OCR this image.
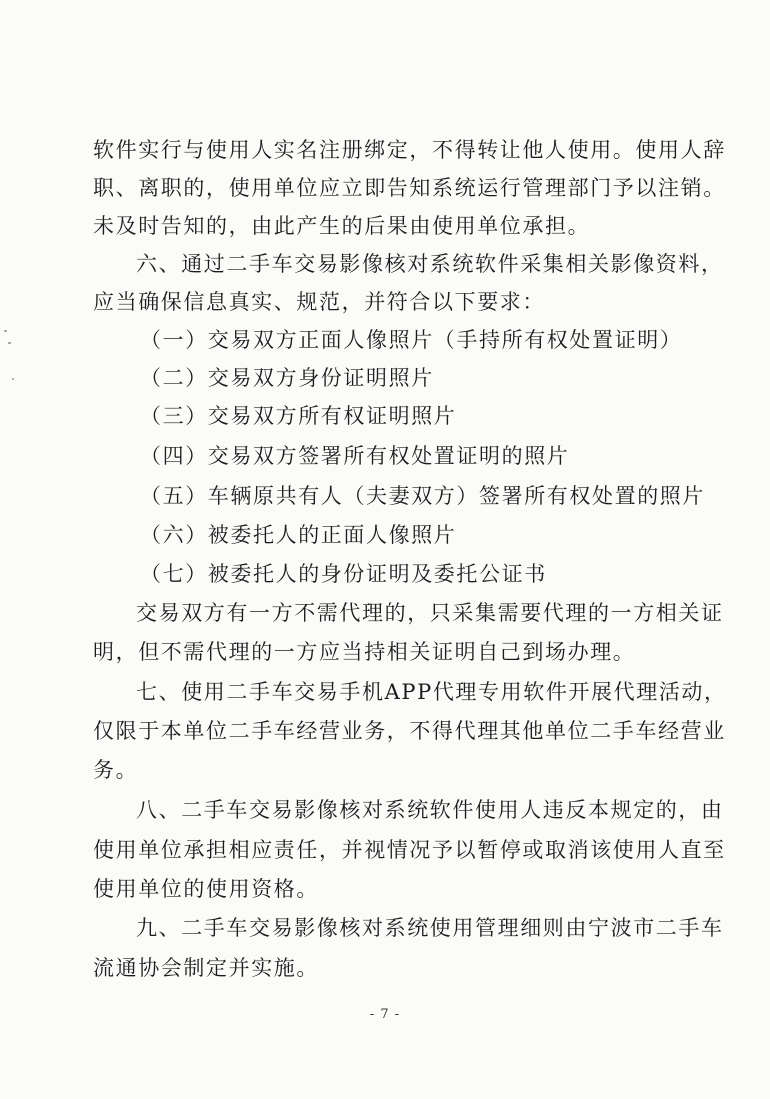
软件实行与使用人实名注册绑定，不得转让他人使用。使用人辞
职、离职的，使用单位应立即告知系统运行管理部门予以注销。
未及时告知的，由此产生的后果由使用单位承担。
六、通过二手车交易影像核对系统软件采集相关影像资料，
应当确保信息真实、规范，并符合以下要求：
（一）交易双方正面人像照片（手持所有权处置证明）
（二）交易双方身份证明照片
（三）交易双方所有权证明照片
（四）交易双方签署所有权处置证明的照片
（五）车辆原共有人（夫妻双方）签署所有权处置的照片
（六）被委托人的正面人像照片
（七）被委托人的身份证明及委托公证书
交易双方有一方不需代理的，只采集需要代理的一方相关证
明，但不需代理的一方应当持相关证明自己到场办理。
七、使用二手车交易手机APP代理专用软件开展代理活动，
仅限于本单位二手车经营业务，不得代理其他单位二手车经营业
务。
八、二手车交易影像核对系统软件使用人违反本规定的，由
使用单位承担相应责任，并视情况予以暂停或取消该使用人直至
使用单位的使用资格。
九、二手车交易影像核对系统使用管理细则由宁波市二手车
流通协会制定并实施。
- 7 -
